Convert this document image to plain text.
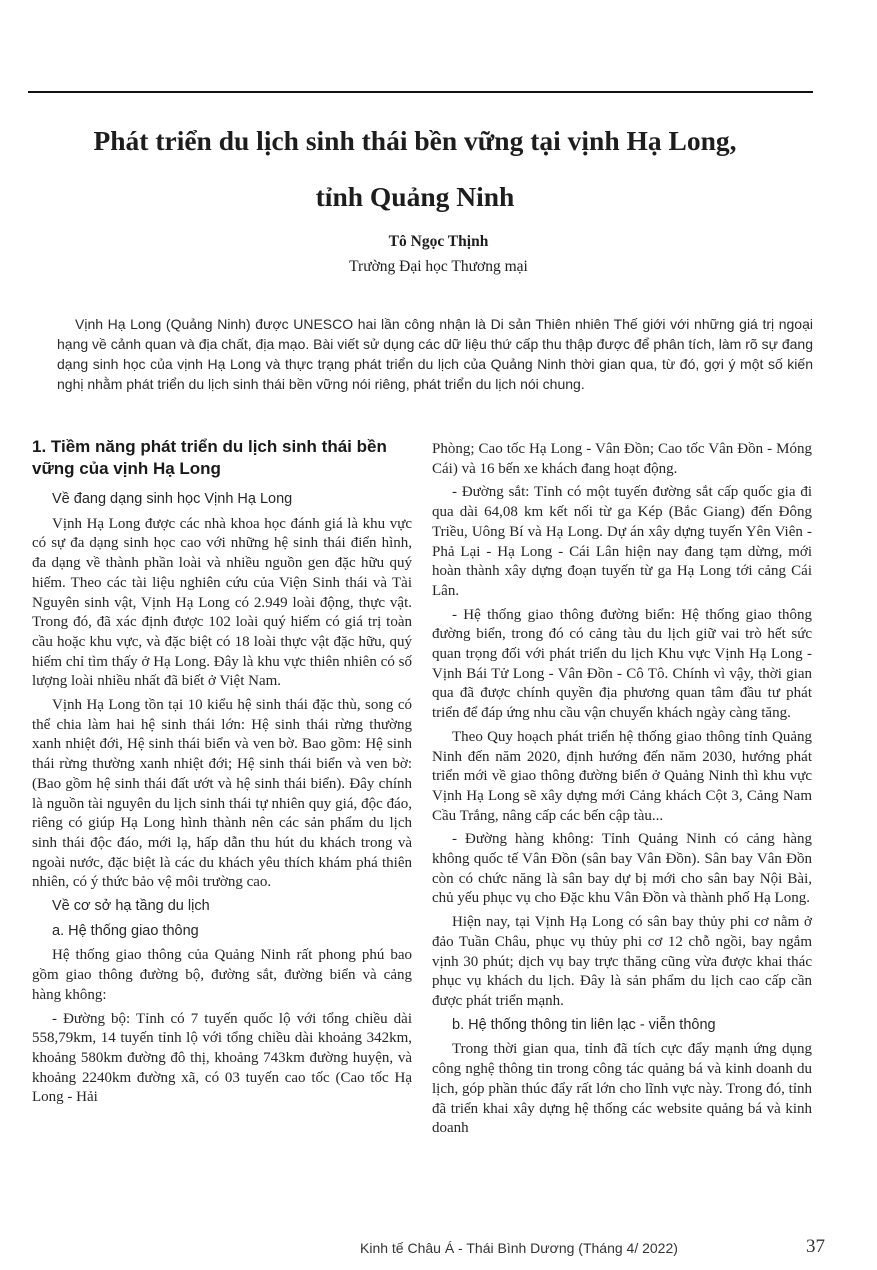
Phát triển du lịch sinh thái bền vững tại vịnh Hạ Long,
tỉnh Quảng Ninh
Tô Ngọc Thịnh
Trường Đại học Thương mại

Vịnh Hạ Long (Quảng Ninh) được UNESCO hai lần công nhận là Di sản Thiên nhiên Thế giới với những giá trị ngoại hạng về cảnh quan và địa chất, địa mạo. Bài viết sử dụng các dữ liệu thứ cấp thu thập được để phân tích, làm rõ sự đang dạng sinh học của vịnh Hạ Long và thực trạng phát triển du lịch của Quảng Ninh thời gian qua, từ đó, gợi ý một số kiến nghị nhằm phát triển du lịch sinh thái bền vững nói riêng, phát triển du lịch nói chung.

1. Tiềm năng phát triển du lịch sinh thái bền vững của vịnh Hạ Long
Về đang dạng sinh học Vịnh Hạ Long

Vịnh Hạ Long được các nhà khoa học đánh giá là khu vực có sự đa dạng sinh học cao với những hệ sinh thái điển hình, đa dạng về thành phần loài và nhiều nguồn gen đặc hữu quý hiếm. Theo các tài liệu nghiên cứu của Viện Sinh thái và Tài Nguyên sinh vật, Vịnh Hạ Long có 2.949 loài động, thực vật. Trong đó, đã xác định được 102 loài quý hiếm có giá trị toàn cầu hoặc khu vực, và đặc biệt có 18 loài thực vật đặc hữu, quý hiếm chỉ tìm thấy ở Hạ Long. Đây là khu vực thiên nhiên có số lượng loài nhiều nhất đã biết ở Việt Nam.

Vịnh Hạ Long tồn tại 10 kiểu hệ sinh thái đặc thù, song có thể chia làm hai hệ sinh thái lớn: Hệ sinh thái rừng thường xanh nhiệt đới, Hệ sinh thái biển và ven bờ. Bao gồm: Hệ sinh thái rừng thường xanh nhiệt đới; Hệ sinh thái biển và ven bờ: (Bao gồm hệ sinh thái đất ướt và hệ sinh thái biển). Đây chính là nguồn tài nguyên du lịch sinh thái tự nhiên quy giá, độc đáo, riêng có giúp Hạ Long hình thành nên các sản phẩm du lịch sinh thái độc đáo, mới lạ, hấp dẫn thu hút du khách trong và ngoài nước, đặc biệt là các du khách yêu thích khám phá thiên nhiên, có ý thức bảo vệ môi trường cao.

Về cơ sở hạ tầng du lịch
a. Hệ thống giao thông

Hệ thống giao thông của Quảng Ninh rất phong phú bao gồm giao thông đường bộ, đường sắt, đường biển và cảng hàng không:

- Đường bộ: Tỉnh có 7 tuyến quốc lộ với tổng chiều dài 558,79km, 14 tuyến tỉnh lộ với tổng chiều dài khoảng 342km, khoảng 580km đường đô thị, khoảng 743km đường huyện, và khoảng 2240km đường xã, có 03 tuyến cao tốc (Cao tốc Hạ Long - Hải

Phòng; Cao tốc Hạ Long - Vân Đồn; Cao tốc Vân Đồn - Móng Cái) và 16 bến xe khách đang hoạt động.

- Đường sắt: Tỉnh có một tuyến đường sắt cấp quốc gia đi qua dài 64,08 km kết nối từ ga Kép (Bắc Giang) đến Đông Triều, Uông Bí và Hạ Long. Dự án xây dựng tuyến Yên Viên - Phả Lại - Hạ Long - Cái Lân hiện nay đang tạm dừng, mới hoàn thành xây dựng đoạn tuyến từ ga Hạ Long tới cảng Cái Lân.

- Hệ thống giao thông đường biển: Hệ thống giao thông đường biển, trong đó có cảng tàu du lịch giữ vai trò hết sức quan trọng đối với phát triển du lịch Khu vực Vịnh Hạ Long - Vịnh Bái Tử Long - Vân Đồn - Cô Tô. Chính vì vậy, thời gian qua đã được chính quyền địa phương quan tâm đầu tư phát triển để đáp ứng nhu cầu vận chuyển khách ngày càng tăng.

Theo Quy hoạch phát triển hệ thống giao thông tỉnh Quảng Ninh đến năm 2020, định hướng đến năm 2030, hướng phát triển mới về giao thông đường biển ở Quảng Ninh thì khu vực Vịnh Hạ Long sẽ xây dựng mới Cảng khách Cột 3, Cảng Nam Cầu Trắng, nâng cấp các bến cập tàu...

- Đường hàng không: Tỉnh Quảng Ninh có cảng hàng không quốc tế Vân Đồn (sân bay Vân Đồn). Sân bay Vân Đồn còn có chức năng là sân bay dự bị mới cho sân bay Nội Bài, chủ yếu phục vụ cho Đặc khu Vân Đồn và thành phố Hạ Long.

Hiện nay, tại Vịnh Hạ Long có sân bay thủy phi cơ nằm ở đảo Tuần Châu, phục vụ thủy phi cơ 12 chỗ ngồi, bay ngắm vịnh 30 phút; dịch vụ bay trực thăng cũng vừa được khai thác phục vụ khách du lịch. Đây là sản phẩm du lịch cao cấp cần được phát triển mạnh.

b. Hệ thống thông tin liên lạc - viễn thông

Trong thời gian qua, tỉnh đã tích cực đẩy mạnh ứng dụng công nghệ thông tin trong công tác quảng bá và kinh doanh du lịch, góp phần thúc đẩy rất lớn cho lĩnh vực này. Trong đó, tỉnh đã triển khai xây dựng hệ thống các website quảng bá và kinh doanh

Kinh tế Châu Á - Thái Bình Dương (Tháng 4/ 2022)	37
